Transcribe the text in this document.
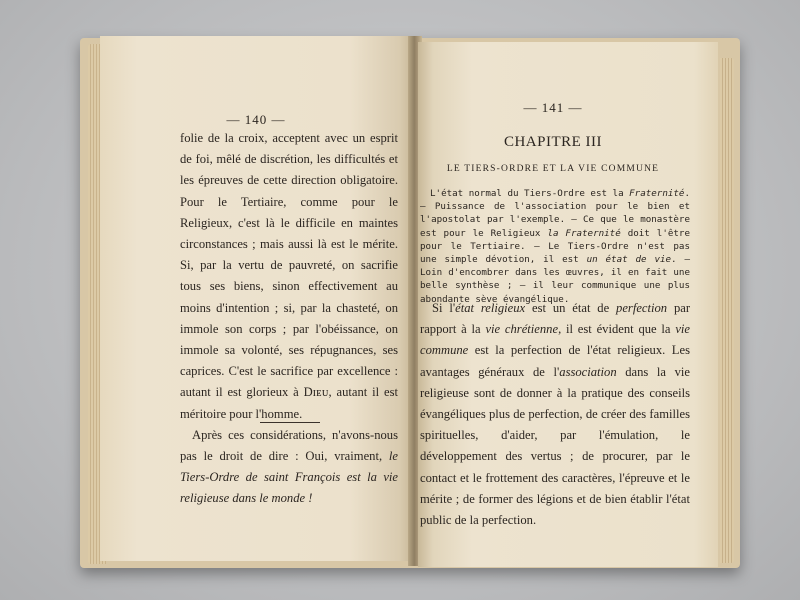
— 140 —

folie de la croix, acceptent avec un esprit de foi, mêlé de discrétion, les difficultés et les épreuves de cette direction obligatoire. Pour le Tertiaire, comme pour le Religieux, c'est là le difficile en maintes circonstances ; mais aussi là est le mérite. Si, par la vertu de pauvreté, on sacrifie tous ses biens, sinon effectivement au moins d'intention ; si, par la chasteté, on immole son corps ; par l'obéissance, on immole sa volonté, ses répugnances, ses caprices. C'est le sacrifice par excellence : autant il est glorieux à Dɪᴇᴜ, autant il est méritoire pour l'homme.

Après ces considérations, n'avons-nous pas le droit de dire : Oui, vraiment, le Tiers-Ordre de saint François est la vie religieuse dans le monde !

— 141 —
CHAPITRE III
LE TIERS-ORDRE ET LA VIE COMMUNE

L'état normal du Tiers-Ordre est la Fraternité. — Puissance de l'association pour le bien et l'apostolat par l'exemple. — Ce que le monastère est pour le Religieux la Fraternité doit l'être pour le Tertiaire. — Le Tiers-Ordre n'est pas une simple dévotion, il est un état de vie. — Loin d'encombrer dans les œuvres, il en fait une belle synthèse ; — il leur communique une plus abondante sève évangélique.

Si l'état religieux est un état de perfection par rapport à la vie chrétienne, il est évident que la vie commune est la perfection de l'état religieux. Les avantages généraux de l'association dans la vie religieuse sont de donner à la pratique des conseils évangéliques plus de perfection, de créer des familles spirituelles, d'aider, par l'émulation, le développement des vertus ; de procurer, par le contact et le frottement des caractères, l'épreuve et le mérite ; de former des légions et de bien établir l'état public de la perfection.
